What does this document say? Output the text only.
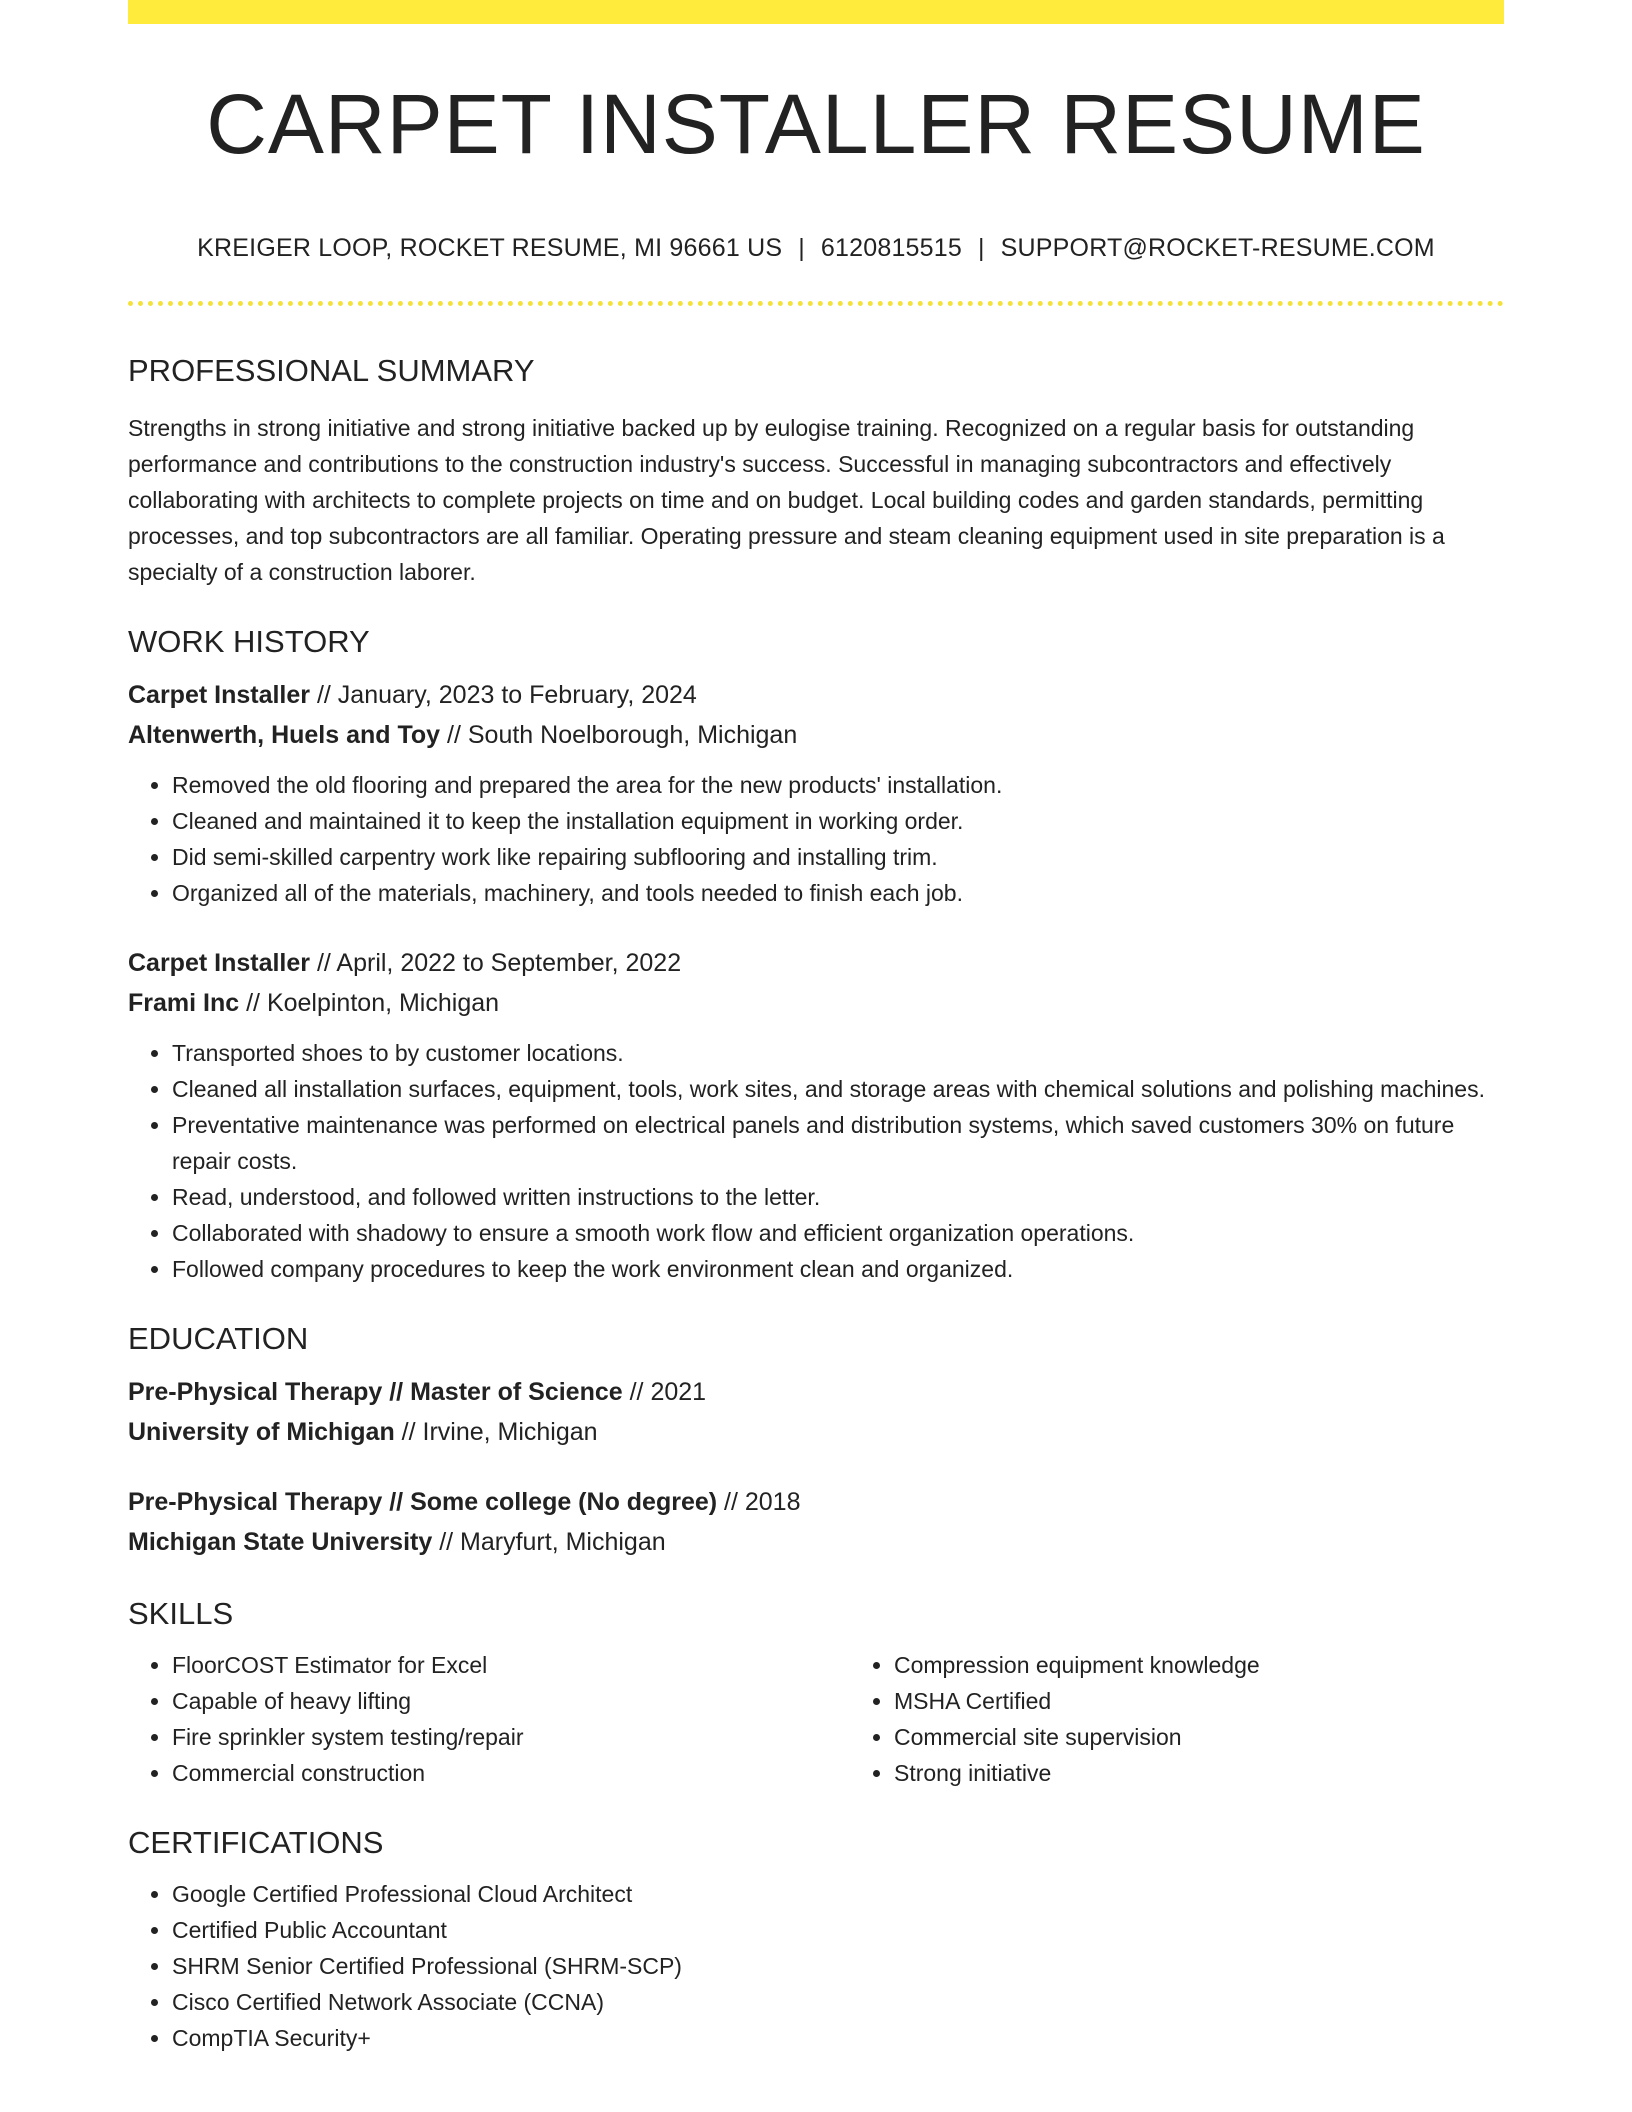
CARPET INSTALLER RESUME
KREIGER LOOP, ROCKET RESUME, MI 96661 US | 6120815515 | SUPPORT@ROCKET-RESUME.COM
PROFESSIONAL SUMMARY

Strengths in strong initiative and strong initiative backed up by eulogise training. Recognized on a regular basis for outstanding performance and contributions to the construction industry's success. Successful in managing subcontractors and effectively collaborating with architects to complete projects on time and on budget. Local building codes and garden standards, permitting processes, and top subcontractors are all familiar. Operating pressure and steam cleaning equipment used in site preparation is a specialty of a construction laborer.

WORK HISTORY

Carpet Installer // January, 2023 to February, 2024

Altenwerth, Huels and Toy // South Noelborough, Michigan

• Removed the old flooring and prepared the area for the new products' installation.
• Cleaned and maintained it to keep the installation equipment in working order.
• Did semi-skilled carpentry work like repairing subflooring and installing trim.
• Organized all of the materials, machinery, and tools needed to finish each job.

Carpet Installer // April, 2022 to September, 2022

Frami Inc // Koelpinton, Michigan

• Transported shoes to by customer locations.
• Cleaned all installation surfaces, equipment, tools, work sites, and storage areas with chemical solutions and polishing machines.
• Preventative maintenance was performed on electrical panels and distribution systems, which saved customers 30% on future repair costs.
• Read, understood, and followed written instructions to the letter.
• Collaborated with shadowy to ensure a smooth work flow and efficient organization operations.
• Followed company procedures to keep the work environment clean and organized.
EDUCATION

Pre-Physical Therapy // Master of Science // 2021

University of Michigan // Irvine, Michigan

Pre-Physical Therapy // Some college (No degree) // 2018

Michigan State University // Maryfurt, Michigan

SKILLS
• FloorCOST Estimator for Excel
• Capable of heavy lifting
• Fire sprinkler system testing/repair
• Commercial construction
• Compression equipment knowledge
• MSHA Certified
• Commercial site supervision
• Strong initiative
CERTIFICATIONS
• Google Certified Professional Cloud Architect
• Certified Public Accountant
• SHRM Senior Certified Professional (SHRM-SCP)
• Cisco Certified Network Associate (CCNA)
• CompTIA Security+
